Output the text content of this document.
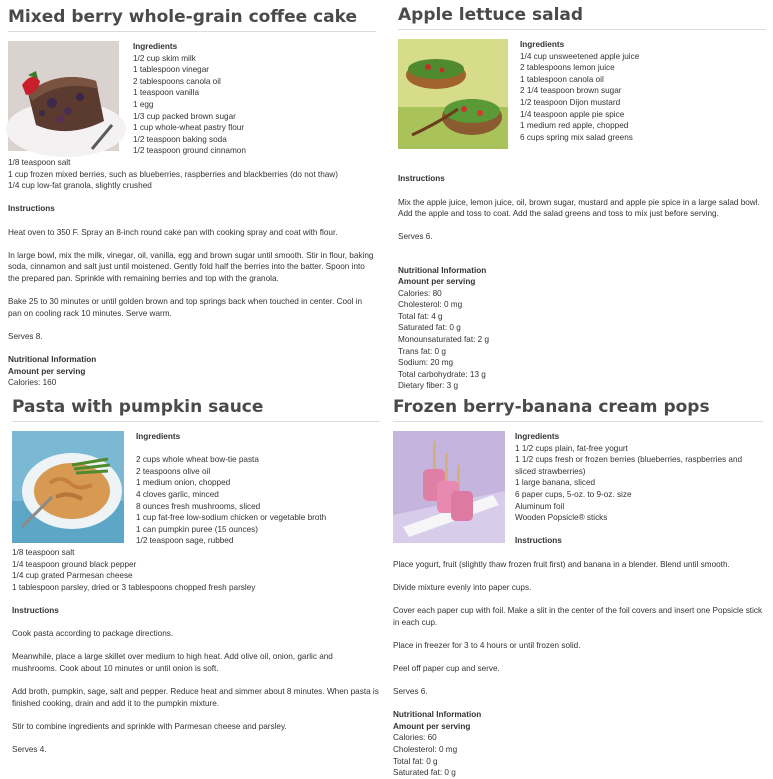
Mixed berry whole-grain coffee cake
Ingredients
1/2 cup skim milk
1 tablespoon vinegar
2 tablespoons canola oil
1 teaspoon vanilla
1 egg
1/3 cup packed brown sugar
1 cup whole-wheat pastry flour
1/2 teaspoon baking soda
1/2 teaspoon ground cinnamon
1/8 teaspoon salt
1 cup frozen mixed berries, such as blueberries, raspberries and blackberries (do not thaw)
1/4 cup low-fat granola, slightly crushed
Instructions

Heat oven to 350 F. Spray an 8-inch round cake pan with cooking spray and coat with flour.

In large bowl, mix the milk, vinegar, oil, vanilla, egg and brown sugar until smooth. Stir in flour, baking soda, cinnamon and salt just until moistened. Gently fold half the berries into the batter. Spoon into the prepared pan. Sprinkle with remaining berries and top with the granola.

Bake 25 to 30 minutes or until golden brown and top springs back when touched in center. Cool in pan on cooling rack 10 minutes. Serve warm.

Serves 8.

Nutritional Information
Amount per serving
Calories: 160
Apple lettuce salad
Ingredients
1/4 cup unsweetened apple juice
2 tablespoons lemon juice
1 tablespoon canola oil
2 1/4 teaspoon brown sugar
1/2 teaspoon Dijon mustard
1/4 teaspoon apple pie spice
1 medium red apple, chopped
6 cups spring mix salad greens
Instructions

Mix the apple juice, lemon juice, oil, brown sugar, mustard and apple pie spice in a large salad bowl. Add the apple and toss to coat. Add the salad greens and toss to mix just before serving.

Serves 6.

Nutritional Information
Amount per serving
Calories: 80
Cholesterol: 0 mg
Total fat: 4 g
Saturated fat: 0 g
Monounsaturated fat: 2 g
Trans fat: 0 g
Sodium: 20 mg
Total carbohydrate: 13 g
Dietary fiber: 3 g
Pasta with pumpkin sauce
Ingredients
2 cups whole wheat bow-tie pasta
2 teaspoons olive oil
1 medium onion, chopped
4 cloves garlic, minced
8 ounces fresh mushrooms, sliced
1 cup fat-free low-sodium chicken or vegetable broth
1 can pumpkin puree (15 ounces)
1/2 teaspoon sage, rubbed
1/8 teaspoon salt
1/4 teaspoon ground black pepper
1/4 cup grated Parmesan cheese
1 tablespoon parsley, dried or 3 tablespoons chopped fresh parsley
Instructions

Cook pasta according to package directions.

Meanwhile, place a large skillet over medium to high heat. Add olive oil, onion, garlic and mushrooms. Cook about 10 minutes or until onion is soft.

Add broth, pumpkin, sage, salt and pepper. Reduce heat and simmer about 8 minutes. When pasta is finished cooking, drain and add it to the pumpkin mixture.

Stir to combine ingredients and sprinkle with Parmesan cheese and parsley.

Serves 4.

Frozen berry-banana cream pops
Ingredients
1 1/2 cups plain, fat-free yogurt
1 1/2 cups fresh or frozen berries (blueberries, raspberries and sliced strawberries)
1 large banana, sliced
6 paper cups, 5-oz. to 9-oz. size
Aluminum foil
Wooden Popsicle® sticks
Instructions

Place yogurt, fruit (slightly thaw frozen fruit first) and banana in a blender. Blend until smooth.

Divide mixture evenly into paper cups.

Cover each paper cup with foil. Make a slit in the center of the foil covers and insert one Popsicle stick in each cup.

Place in freezer for 3 to 4 hours or until frozen solid.

Peel off paper cup and serve.

Serves 6.

Nutritional Information
Amount per serving
Calories: 60
Cholesterol: 0 mg
Total fat: 0 g
Saturated fat: 0 g
